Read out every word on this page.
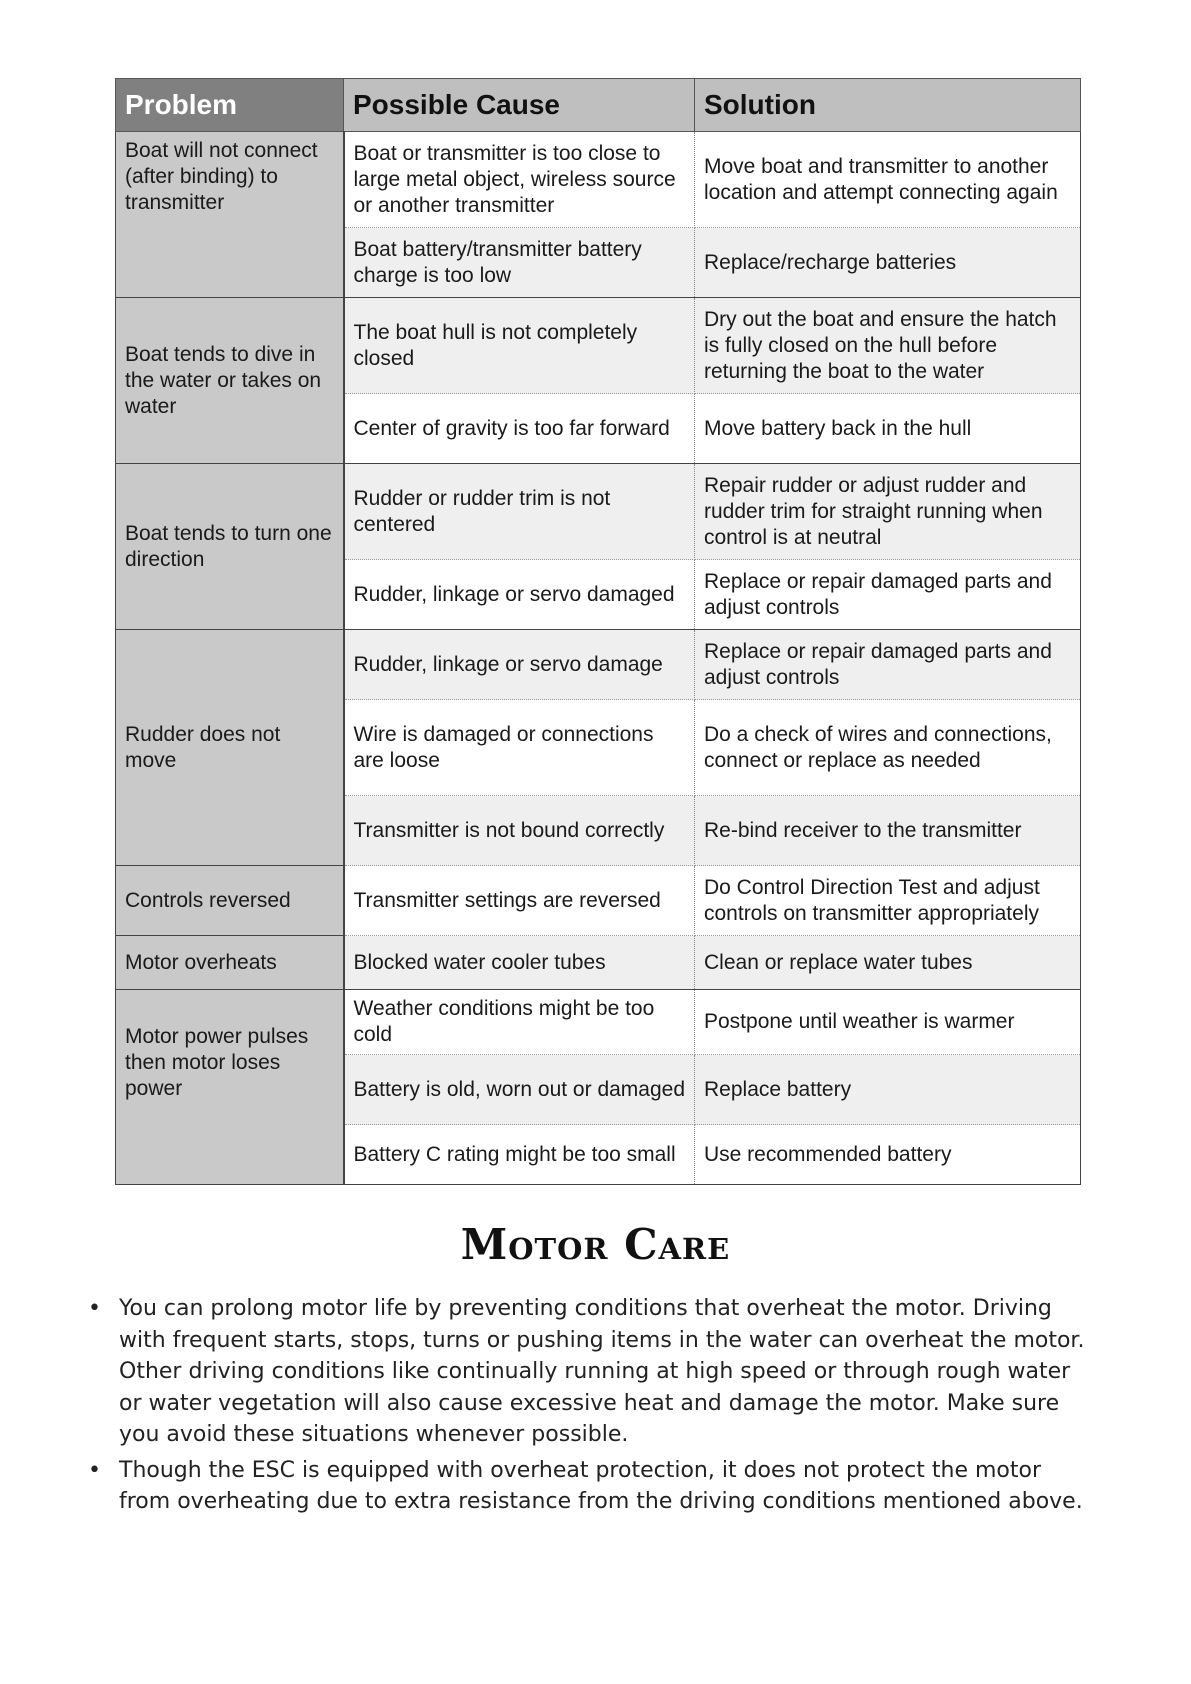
Problem	Possible Cause	Solution
Boat will not connect (after binding) to transmitter	Boat or transmitter is too close to large metal object, wireless source or another transmitter	Move boat and transmitter to another location and attempt connecting again
	Boat battery/transmitter battery charge is too low	Replace/recharge batteries
Boat tends to dive in the water or takes on water	The boat hull is not completely closed	Dry out the boat and ensure the hatch is fully closed on the hull before returning the boat to the water
	Center of gravity is too far forward	Move battery back in the hull
Boat tends to turn one direction	Rudder or rudder trim is not centered	Repair rudder or adjust rudder and rudder trim for straight running when control is at neutral
	Rudder, linkage or servo damaged	Replace or repair damaged parts and adjust controls
Rudder does not move	Rudder, linkage or servo damage	Replace or repair damaged parts and adjust controls
	Wire is damaged or connections are loose	Do a check of wires and connections, connect or replace as needed
	Transmitter is not bound correctly	Re-bind receiver to the transmitter
Controls reversed	Transmitter settings are reversed	Do Control Direction Test and adjust controls on transmitter appropriately
Motor overheats	Blocked water cooler tubes	Clean or replace water tubes
Motor power pulses then motor loses power	Weather conditions might be too cold	Postpone until weather is warmer
	Battery is old, worn out or damaged	Replace battery
	Battery C rating might be too small	Use recommended battery
Motor Care
• You can prolong motor life by preventing conditions that overheat the motor. Driving with frequent starts, stops, turns or pushing items in the water can overheat the motor. Other driving conditions like continually running at high speed or through rough water or water vegetation will also cause excessive heat and damage the motor. Make sure you avoid these situations whenever possible.
• Though the ESC is equipped with overheat protection, it does not protect the motor from overheating due to extra resistance from the driving conditions mentioned above.
